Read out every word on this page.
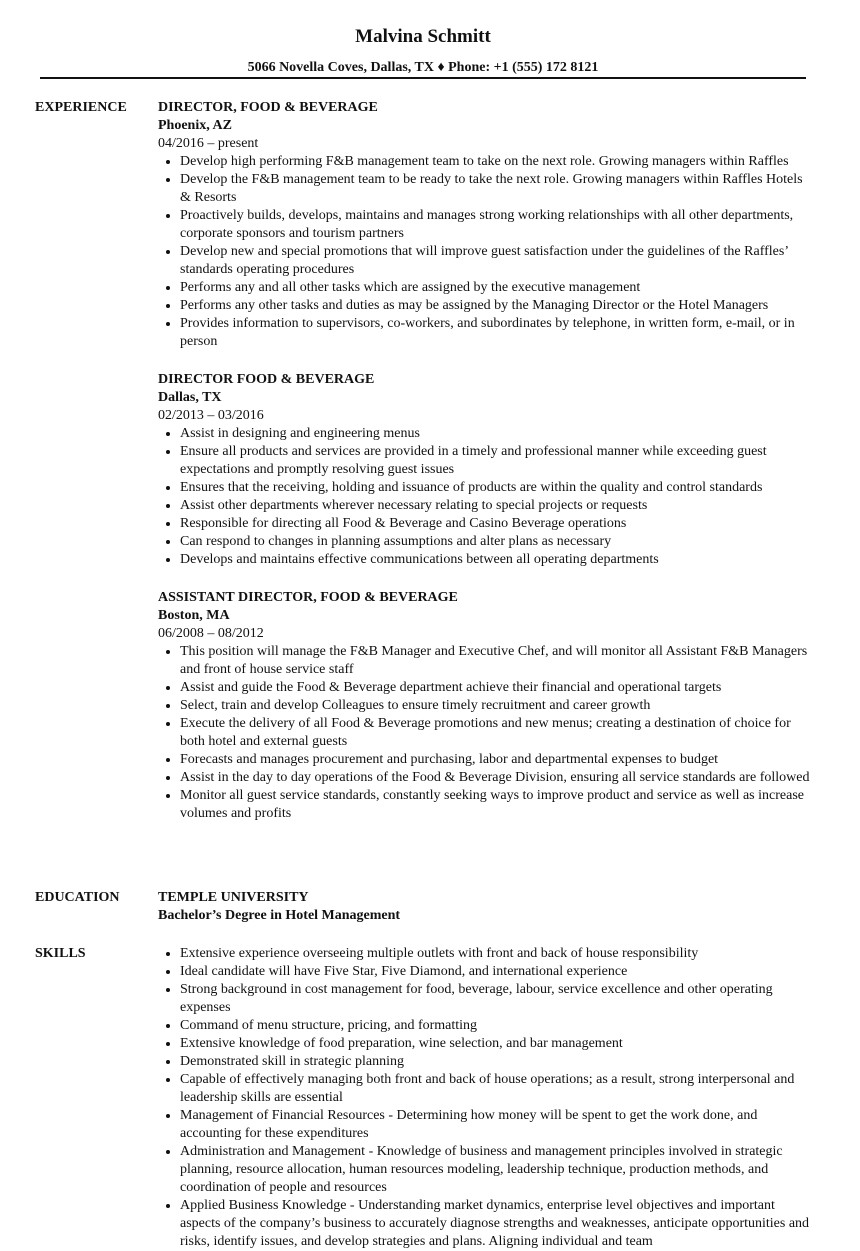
Malvina Schmitt
5066 Novella Coves, Dallas, TX ♦ Phone: +1 (555) 172 8121
EXPERIENCE DIRECTOR, FOOD & BEVERAGE
Phoenix, AZ
04/2016 – present
• Develop high performing F&B management team to take on the next role. Growing managers within Raffles
• Develop the F&B management team to be ready to take the next role. Growing managers within Raffles Hotels & Resorts
• Proactively builds, develops, maintains and manages strong working relationships with all other departments, corporate sponsors and tourism partners
• Develop new and special promotions that will improve guest satisfaction under the guidelines of the Raffles’ standards operating procedures
• Performs any and all other tasks which are assigned by the executive management
• Performs any other tasks and duties as may be assigned by the Managing Director or the Hotel Managers
• Provides information to supervisors, co-workers, and subordinates by telephone, in written form, e-mail, or in person
DIRECTOR FOOD & BEVERAGE
Dallas, TX
02/2013 – 03/2016
• Assist in designing and engineering menus
• Ensure all products and services are provided in a timely and professional manner while exceeding guest expectations and promptly resolving guest issues
• Ensures that the receiving, holding and issuance of products are within the quality and control standards
• Assist other departments wherever necessary relating to special projects or requests
• Responsible for directing all Food & Beverage and Casino Beverage operations
• Can respond to changes in planning assumptions and alter plans as necessary
• Develops and maintains effective communications between all operating departments
ASSISTANT DIRECTOR, FOOD & BEVERAGE
Boston, MA
06/2008 – 08/2012
• This position will manage the F&B Manager and Executive Chef, and will monitor all Assistant F&B Managers and front of house service staff
• Assist and guide the Food & Beverage department achieve their financial and operational targets
• Select, train and develop Colleagues to ensure timely recruitment and career growth
• Execute the delivery of all Food & Beverage promotions and new menus; creating a destination of choice for both hotel and external guests
• Forecasts and manages procurement and purchasing, labor and departmental expenses to budget
• Assist in the day to day operations of the Food & Beverage Division, ensuring all service standards are followed
• Monitor all guest service standards, constantly seeking ways to improve product and service as well as increase volumes and profits
EDUCATION	TEMPLE UNIVERSITY
Bachelor’s Degree in Hotel Management
SKILLS
•	Extensive experience overseeing multiple outlets with front and back of house responsibility
• Ideal candidate will have Five Star, Five Diamond, and international experience
• Strong background in cost management for food, beverage, labour, service excellence and other operating expenses
• Command of menu structure, pricing, and formatting
• Extensive knowledge of food preparation, wine selection, and bar management
• Demonstrated skill in strategic planning
• Capable of effectively managing both front and back of house operations; as a result, strong interpersonal and leadership skills are essential
• Management of Financial Resources - Determining how money will be spent to get the work done, and accounting for these expenditures
• Administration and Management - Knowledge of business and management principles involved in strategic planning, resource allocation, human resources modeling, leadership technique, production methods, and coordination of people and resources
• Applied Business Knowledge - Understanding market dynamics, enterprise level objectives and important aspects of the company’s business to accurately diagnose strengths and weaknesses, anticipate opportunities and risks, identify issues, and develop strategies and plans. Aligning individual and team
